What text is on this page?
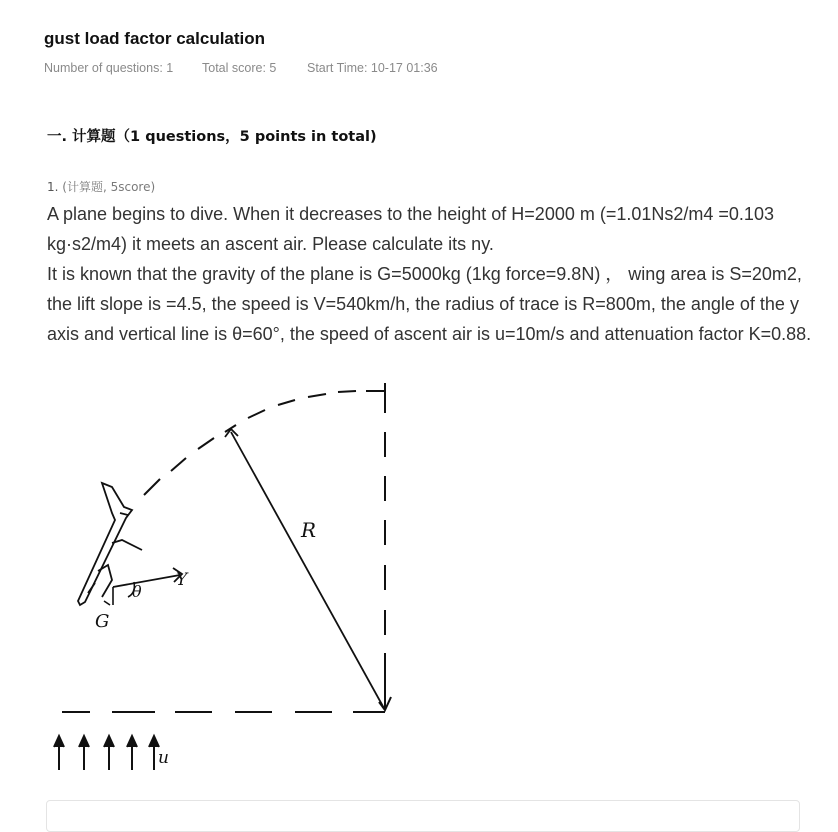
gust load factor calculation
Number of questions: 1	Total score: 5	Start Time: 10-17 01:36
一. 计算题（1 questions，5 points in total)
1. (计算题, 5score)

A plane begins to dive. When it decreases to the height of H=2000 m (=1.01Ns2/m4 =0.103 kg·s2/m4) it meets an ascent air. Please calculate its ny.

It is known that the gravity of the plane is G=5000kg (1kg force=9.8N) ， wing area is S=20m2, the lift slope is =4.5, the speed is V=540km/h, the radius of trace is R=800m, the angle of the y axis and vertical line is θ=60°, the speed of ascent air is u=10m/s and attenuation factor K=0.88.

R
Y
θ
G
u
